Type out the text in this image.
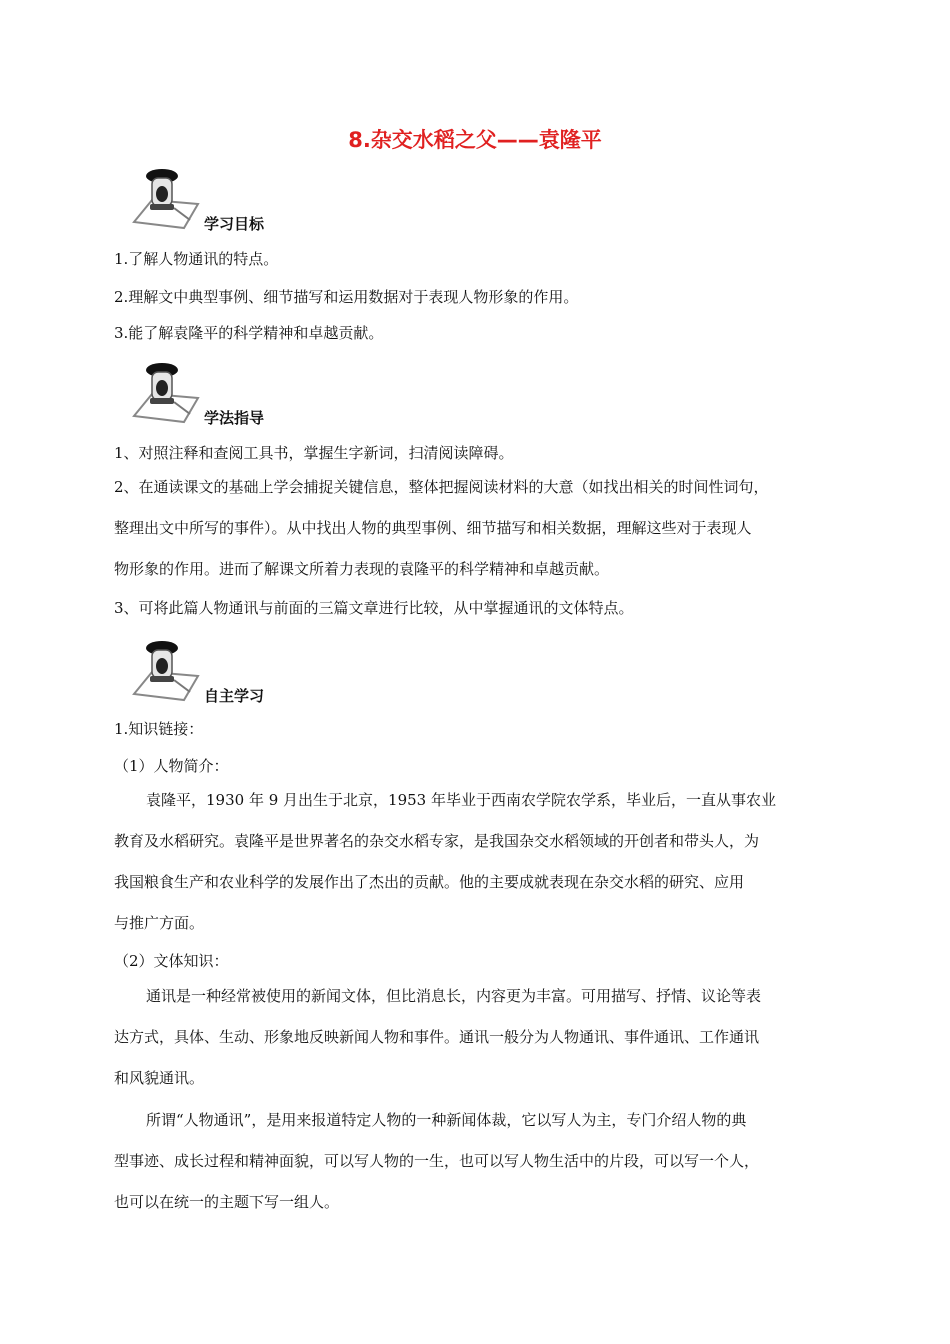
8.杂交水稻之父——袁隆平
学习目标
1.了解人物通讯的特点。
2.理解文中典型事例、细节描写和运用数据对于表现人物形象的作用。
3.能了解袁隆平的科学精神和卓越贡献。
学法指导
1、对照注释和查阅工具书，掌握生字新词，扫清阅读障碍。
2、在通读课文的基础上学会捕捉关键信息，整体把握阅读材料的大意（如找出相关的时间性词句，
整理出文中所写的事件）。从中找出人物的典型事例、细节描写和相关数据，理解这些对于表现人
物形象的作用。进而了解课文所着力表现的袁隆平的科学精神和卓越贡献。
3、可将此篇人物通讯与前面的三篇文章进行比较，从中掌握通讯的文体特点。
自主学习
1.知识链接：
（1）人物简介：
袁隆平，1930 年 9 月出生于北京，1953 年毕业于西南农学院农学系，毕业后，一直从事农业
教育及水稻研究。袁隆平是世界著名的杂交水稻专家，是我国杂交水稻领域的开创者和带头人，为
我国粮食生产和农业科学的发展作出了杰出的贡献。他的主要成就表现在杂交水稻的研究、应用
与推广方面。
（2）文体知识：
通讯是一种经常被使用的新闻文体，但比消息长，内容更为丰富。可用描写、抒情、议论等表
达方式，具体、生动、形象地反映新闻人物和事件。通讯一般分为人物通讯、事件通讯、工作通讯
和风貌通讯。
所谓“人物通讯”，是用来报道特定人物的一种新闻体裁，它以写人为主，专门介绍人物的典
型事迹、成长过程和精神面貌，可以写人物的一生，也可以写人物生活中的片段，可以写一个人，
也可以在统一的主题下写一组人。
